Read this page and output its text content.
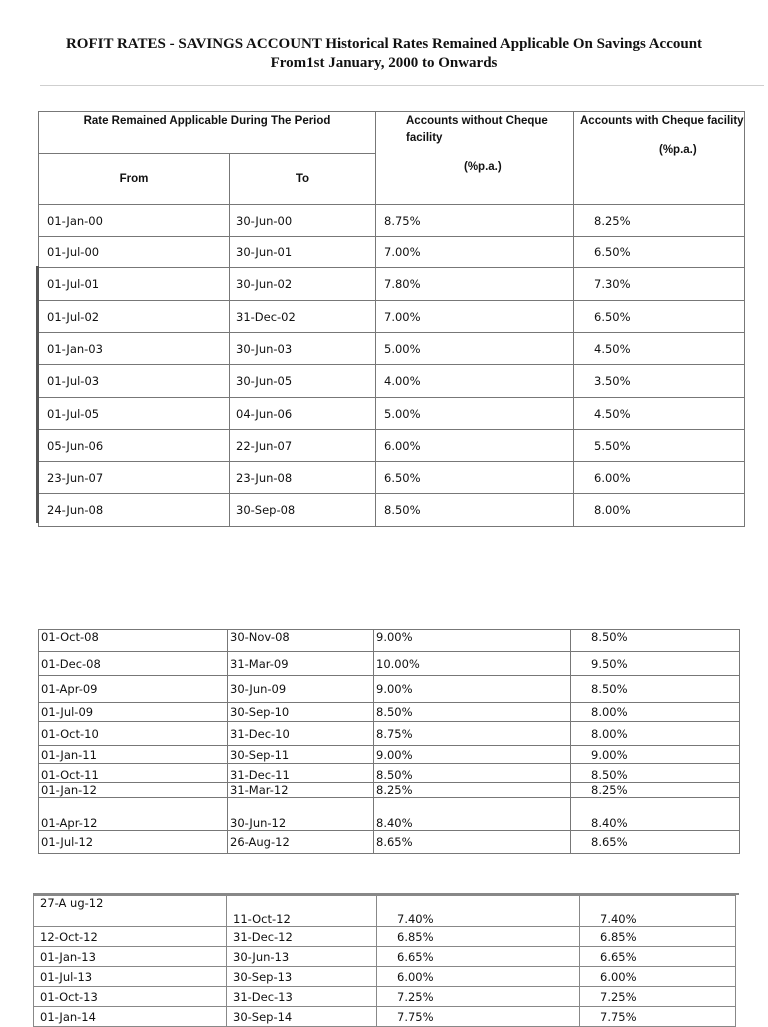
ROFIT RATES - SAVINGS ACCOUNT Historical Rates Remained Applicable On Savings Account
From1st January, 2000 to Onwards
Rate Remained Applicable During The Period		Accounts without Cheque facility
(%p.a.)	Accounts with Cheque facility
(%p.a.)

From	To		
01-Jan-00	30-Jun-00	8.75%	8.25%
01-Jul-00	30-Jun-01	7.00%	6.50%
01-Jul-01	30-Jun-02	7.80%	7.30%
01-Jul-02	31-Dec-02	7.00%	6.50%
01-Jan-03	30-Jun-03	5.00%	4.50%
01-Jul-03	30-Jun-05	4.00%	3.50%
01-Jul-05	04-Jun-06	5.00%	4.50%
05-Jun-06	22-Jun-07	6.00%	5.50%
23-Jun-07	23-Jun-08	6.50%	6.00%
24-Jun-08	30-Sep-08	8.50%	8.00%
01-Oct-08	30-Nov-08	9.00%	8.50%
01-Dec-08	31-Mar-09	10.00%	9.50%
01-Apr-09	30-Jun-09	9.00%	8.50%
01-Jul-09	30-Sep-10	8.50%	8.00%
01-Oct-10	31-Dec-10	8.75%	8.00%
01-Jan-11	30-Sep-11	9.00%	9.00%
01-Oct-11	31-Dec-11	8.50%	8.50%
01-Jan-12	31-Mar-12	8.25%	8.25%
01-Apr-12	30-Jun-12	8.40%	8.40%
01-Jul-12	26-Aug-12	8.65%	8.65%
27-A ug-12	11-Oct-12	7.40%	7.40%
12-Oct-12	31-Dec-12	6.85%	6.85%
01-Jan-13	30-Jun-13	6.65%	6.65%
01-Jul-13	30-Sep-13	6.00%	6.00%
01-Oct-13	31-Dec-13	7.25%	7.25%
01-Jan-14	30-Sep-14	7.75%	7.75%
